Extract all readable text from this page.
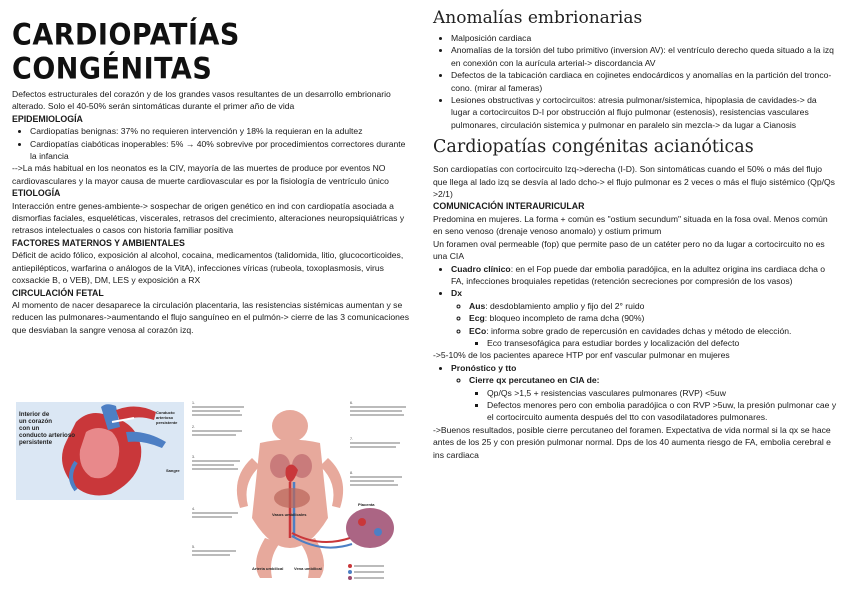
CARDIOPATÍAS CONGÉNITAS

Defectos estructurales del corazón y de los grandes vasos resultantes de un desarrollo embrionario alterado. Solo el 40-50% serán sintomáticas durante el primer año de vida

EPIDEMIOLOGÍA

• Cardiopatías benignas: 37% no requieren intervención y 18% la requieran en la adultez
• Cardiopatías ciabóticas inoperables: 5% → 40% sobrevive por procedimientos correctores durante la infancia

-->La más habitual en los neonatos es la CIV, mayoría de las muertes de produce por eventos NO cardiovasculares y la mayor causa de muerte cardiovascular es por la fisiología de ventrículo único

ETIOLOGÍA

Interacción entre genes-ambiente-> sospechar de origen genético en ind con cardiopatía asociada a dismorfias faciales, esqueléticas, viscerales, retrasos del crecimiento, alteraciones neuropsiquiátricas y retrasos intelectuales o casos con historia familiar positiva

FACTORES MATERNOS Y AMBIENTALES

Déficit de acido fólico, exposición al alcohol, cocaina, medicamentos (talidomida, litio, glucocorticoides, antiepilépticos, warfarina o análogos de la VitA), infecciones víricas (rubeola, toxoplasmosis, virus coxsackie B, o VEB), DM, LES y exposición a RX

CIRCULACIÓN FETAL

Al momento de nacer desaparece la circulación placentaria, las resistencias sistémicas aumentan y se reducen las pulmonares->aumentando el flujo sanguíneo en el pulmón-> cierre de las 3 comunicaciones que desviaban la sangre venosa al corazón izq.

Interior de un corazón con un conducto arterioso persistente
Conducto arterioso persistente
Sangre
1.
2.
3.
4.
5.
6.
7.
8.
Vasos umbilicales
Placenta
Arteria umbilical	Vena umbilical
Anomalías embrionarias
• Malposición cardiaca
• Anomalías de la torsión del tubo primitivo (inversion AV): el ventrículo derecho queda situado a la izq en conexión con la aurícula arterial-> discordancia AV
• Defectos de la tabicación cardiaca en cojinetes endocárdicos y anomalías en la partición del tronco-cono. (mirar al fameras)
• Lesiones obstructivas y cortocircuitos: atresia pulmonar/sistemica, hipoplasia de cavidades-> da lugar a cortocircuitos D-I por obstrucción al flujo pulmonar (estenosis), resistencias vasculares pulmonares, circulación sistemica y pulmonar en paralelo sin mezcla-> da lugar a Cianosis
Cardiopatías congénitas acianóticas

Son cardiopatías con cortocircuito Izq->derecha (I-D). Son sintomáticas cuando el 50% o más del flujo que llega al lado izq se desvía al lado dcho-> el flujo pulmonar es 2 veces o más el flujo sistémico (Qp/Qs >2/1)

COMUNICACIÓN INTERAURICULAR

Predomina en mujeres. La forma + común es "ostium secundum" situada en la fosa oval. Menos común en seno venoso (drenaje venoso anomalo) y ostium primum

Un foramen oval permeable (fop) que permite paso de un catéter pero no da lugar a cortocircuito no es una CIA

• Cuadro clínico: en el Fop puede dar embolia paradójica, en la adultez origina ins cardiaca dcha o FA, infecciones broquiales repetidas (retención secreciones por compresión de los vasos)
• Dx
◦ Aus: desdoblamiento amplio y fijo del 2° ruido
◦ Ecg: bloqueo incompleto de rama dcha (90%)
◦ ECo: informa sobre grado de repercusión en cavidades dchas y método de elección.
▪ Eco transesofágica para estudiar bordes y localización del defecto

->5-10% de los pacientes aparece HTP por enf vascular pulmonar en mujeres

• Pronóstico y tto
◦ Cierre qx percutaneo en CIA de:
▪ Qp/Qs >1,5 + resistencias vasculares pulmonares (RVP) <5uw
▪ Defectos menores pero con embolia paradójica o con RVP >5uw, la presión pulmonar cae y el cortocircuito aumenta después del tto con vasodilatadores pulmonares.

->Buenos resultados, posible cierre percutaneo del foramen. Expectativa de vida normal si la qx se hace antes de los 25 y con presión pulmonar normal. Dps de los 40 aumenta riesgo de FA, embolia cerebral e ins cardiaca
